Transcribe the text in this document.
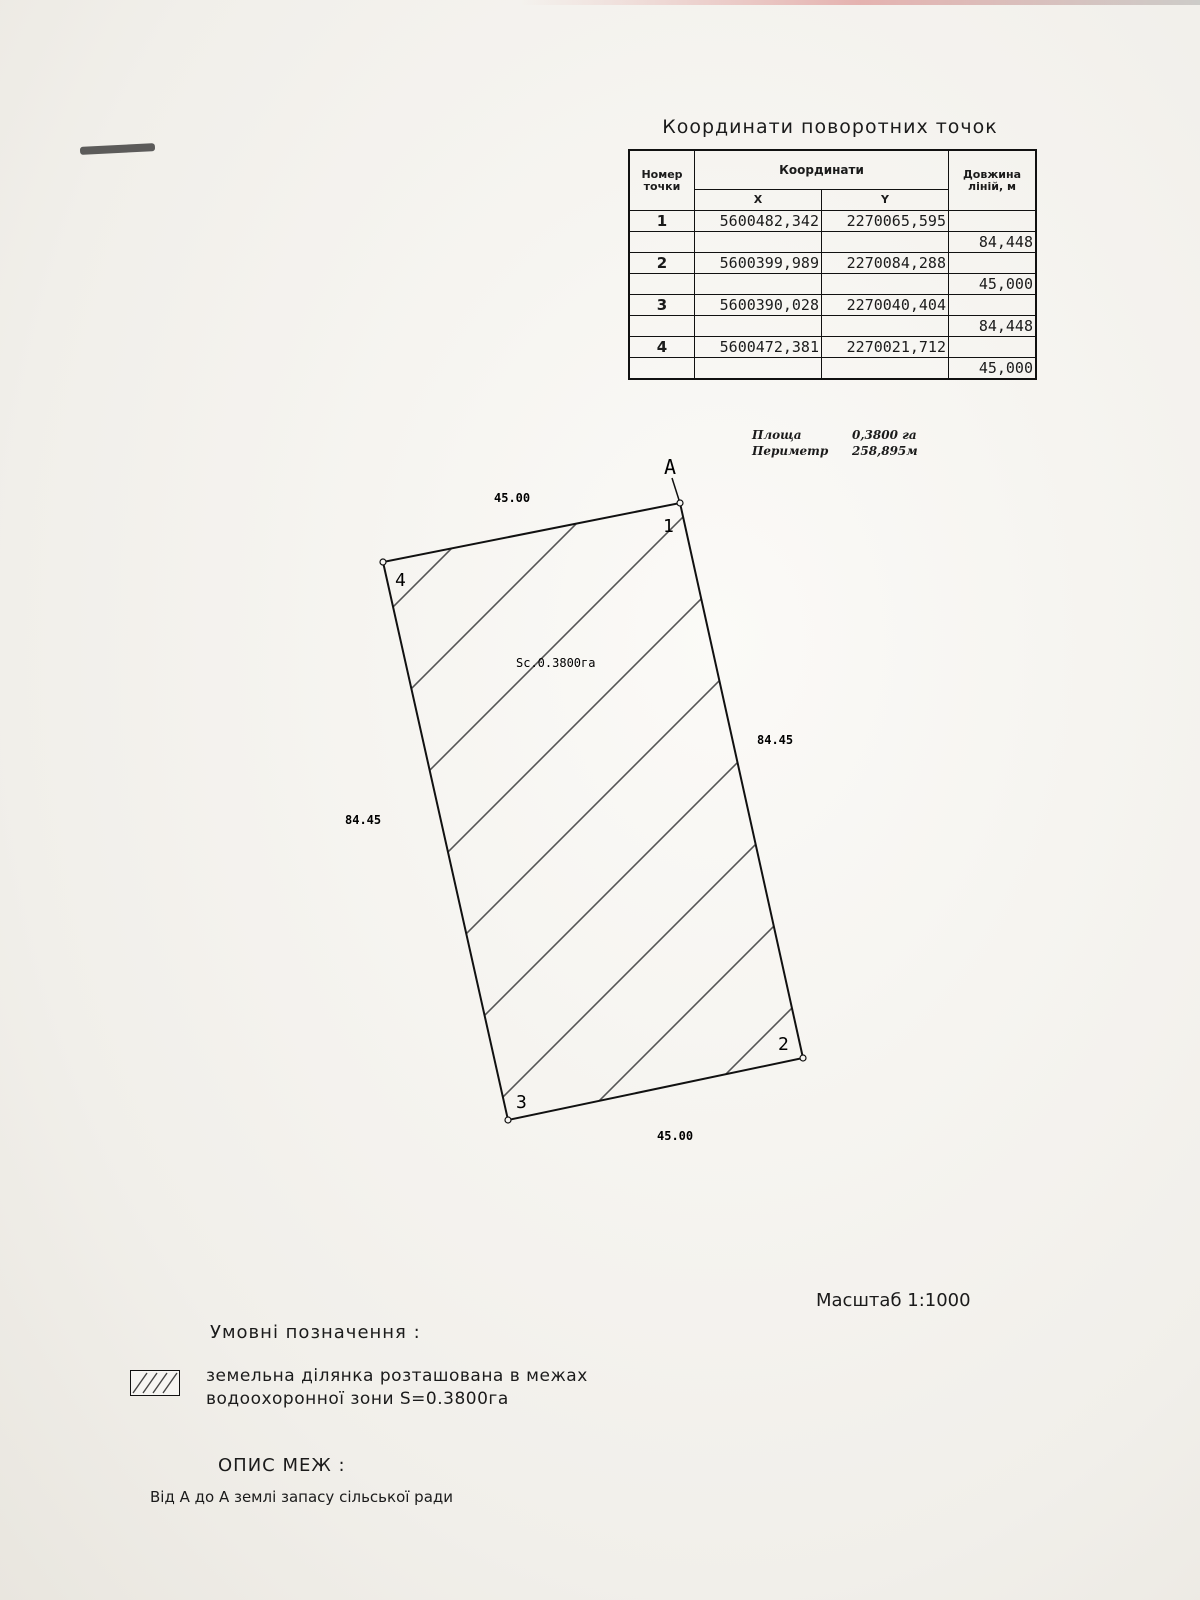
Координати поворотних точок
Номер точки	Координати		Довжина ліній, м
	X	Y	
1	5600482,342	2270065,595	
			84,448
2	5600399,989	2270084,288	
			45,000
3	5600390,028	2270040,404	
			84,448
4	5600472,381	2270021,712	
			45,000
Площа	0,3800 га
Периметр	258,895м
A
1
2
3
4
45.00
84.45
45.00
84.45
Sc.0.3800га
Масштаб 1:1000
Умовні позначення :
земельна ділянка розташована в межах
водоохоронної зони S=0.3800га
ОПИС МЕЖ :
Від А до А землі запасу сільської ради
